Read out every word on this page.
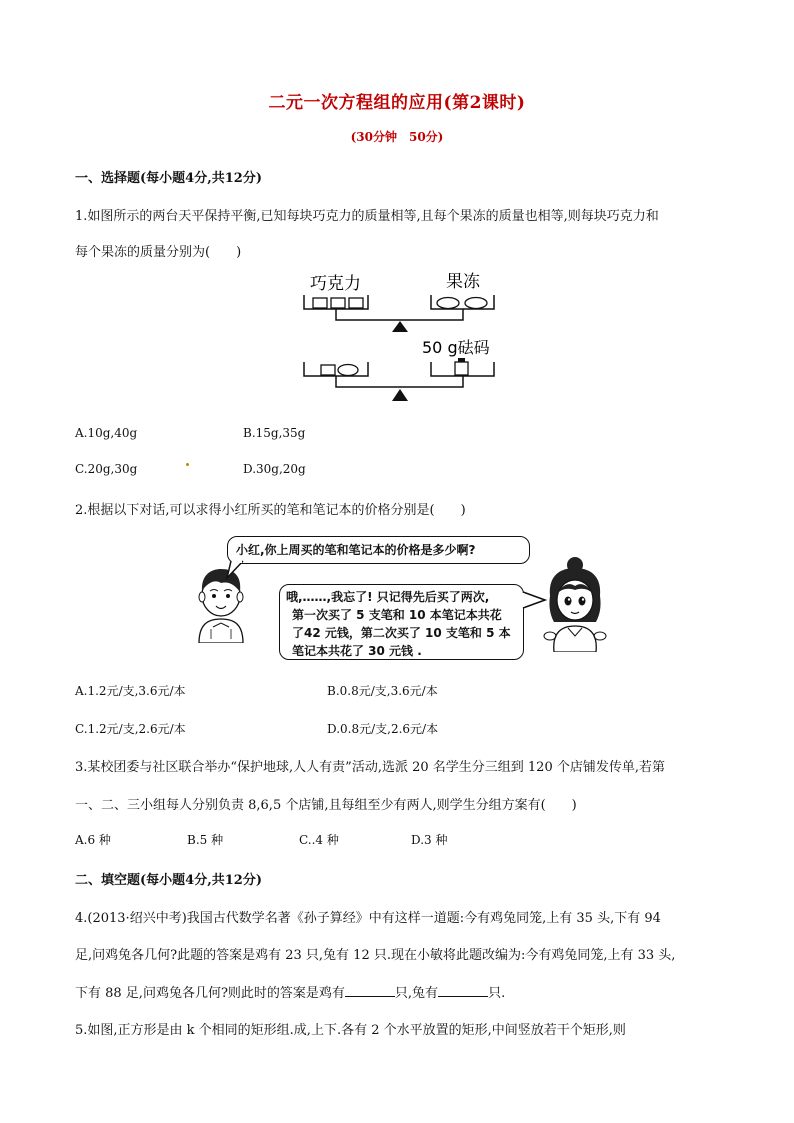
二元一次方程组的应用(第2课时)
(30分钟　50分)
一、选择题(每小题4分,共12分)
1.如图所示的两台天平保持平衡,已知每块巧克力的质量相等,且每个果冻的质量也相等,则每块巧克力和
每个果冻的质量分别为(　　)
巧克力	果冻
50 g砝码
A.10g,40g	B.15g,35g
C.20g,30g	D.30g,20g
2.根据以下对话,可以求得小红所买的笔和笔记本的价格分别是(　　)
小红,你上周买的笔和笔记本的价格是多少啊?
哦,……,我忘了! 只记得先后买了两次,
第一次买了 5 支笔和 10 本笔记本共花
了42 元钱，第二次买了 10 支笔和 5 本
笔记本共花了 30 元钱 .
A.1.2元/支,3.6元/本	B.0.8元/支,3.6元/本
C.1.2元/支,2.6元/本	D.0.8元/支,2.6元/本
3.某校团委与社区联合举办“保护地球,人人有责”活动,选派 20 名学生分三组到 120 个店铺发传单,若第
一、二、三小组每人分别负责 8,6,5 个店铺,且每组至少有两人,则学生分组方案有(　　)
A.6 种	B.5 种	C..4 种	D.3 种
二、填空题(每小题4分,共12分)
4.(2013·绍兴中考)我国古代数学名著《孙子算经》中有这样一道题:今有鸡兔同笼,上有 35 头,下有 94
足,问鸡兔各几何?此题的答案是鸡有 23 只,兔有 12 只.现在小敏将此题改编为:今有鸡兔同笼,上有 33 头,
下有 88 足,问鸡兔各几何?则此时的答案是鸡有	只,兔有	只.
5.如图,正方形是由 k 个相同的矩形组.成,上下.各有 2 个水平放置的矩形,中间竖放若干个矩形,则
